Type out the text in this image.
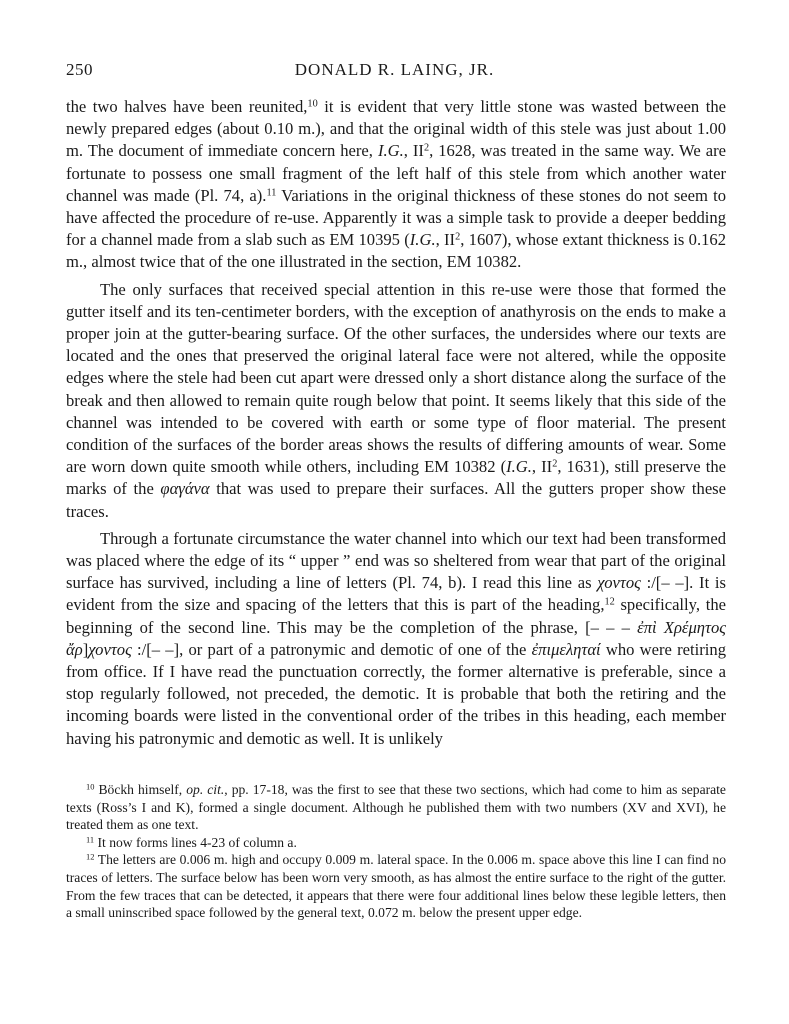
250	DONALD R. LAING, JR.

the two halves have been reunited,$^{10}$ it is evident that very little stone was wasted between the newly prepared edges (about 0.10 m.), and that the original width of this stele was just about 1.00 m. The document of immediate concern here, I.G., $II^2$, 1628, was treated in the same way. We are fortunate to possess one small fragment of the left half of this stele from which another water channel was made (Pl. 74, a).$^{11}$ Variations in the original thickness of these stones do not seem to have affected the procedure of re-use. Apparently it was a simple task to provide a deeper bedding for a channel made from a slab such as EM 10395 (I.G., $II^2$, 1607), whose extant thickness is 0.162 m., almost twice that of the one illustrated in the section, EM 10382.

The only surfaces that received special attention in this re-use were those that formed the gutter itself and its ten-centimeter borders, with the exception of anathyrosis on the ends to make a proper join at the gutter-bearing surface. Of the other surfaces, the undersides where our texts are located and the ones that preserved the original lateral face were not altered, while the opposite edges where the stele had been cut apart were dressed only a short distance along the surface of the break and then allowed to remain quite rough below that point. It seems likely that this side of the channel was intended to be covered with earth or some type of floor material. The present condition of the surfaces of the border areas shows the results of differing amounts of wear. Some are worn down quite smooth while others, including EM 10382 (I.G., $II^2$, 1631), still preserve the marks of the φαγάνα that was used to prepare their surfaces. All the gutters proper show these traces.

Through a fortunate circumstance the water channel into which our text had been transformed was placed where the edge of its “ upper ” end was so sheltered from wear that part of the original surface has survived, including a line of letters (Pl. 74, b). I read this line as χοντος :/[– –]. It is evident from the size and spacing of the letters that this is part of the heading,$^{12}$ specifically, the beginning of the second line. This may be the completion of the phrase, [– – – ἐπὶ Χρέμητος ἄρ]χοντος :/[– –], or part of a patronymic and demotic of one of the ἐπιμεληταί who were retiring from office. If I have read the punctuation correctly, the former alternative is preferable, since a stop regularly followed, not preceded, the demotic. It is probable that both the retiring and the incoming boards were listed in the conventional order of the tribes in this heading, each member having his patronymic and demotic as well. It is unlikely

$^{10}$ Böckh himself, op. cit., pp. 17-18, was the first to see that these two sections, which had come to him as separate texts (Ross’s I and K), formed a single document. Although he published them with two numbers (XV and XVI), he treated them as one text.

$^{11}$ It now forms lines 4-23 of column a.

$^{12}$ The letters are 0.006 m. high and occupy 0.009 m. lateral space. In the 0.006 m. space above this line I can find no traces of letters. The surface below has been worn very smooth, as has almost the entire surface to the right of the gutter. From the few traces that can be detected, it appears that there were four additional lines below these legible letters, then a small uninscribed space followed by the general text, 0.072 m. below the present upper edge.
